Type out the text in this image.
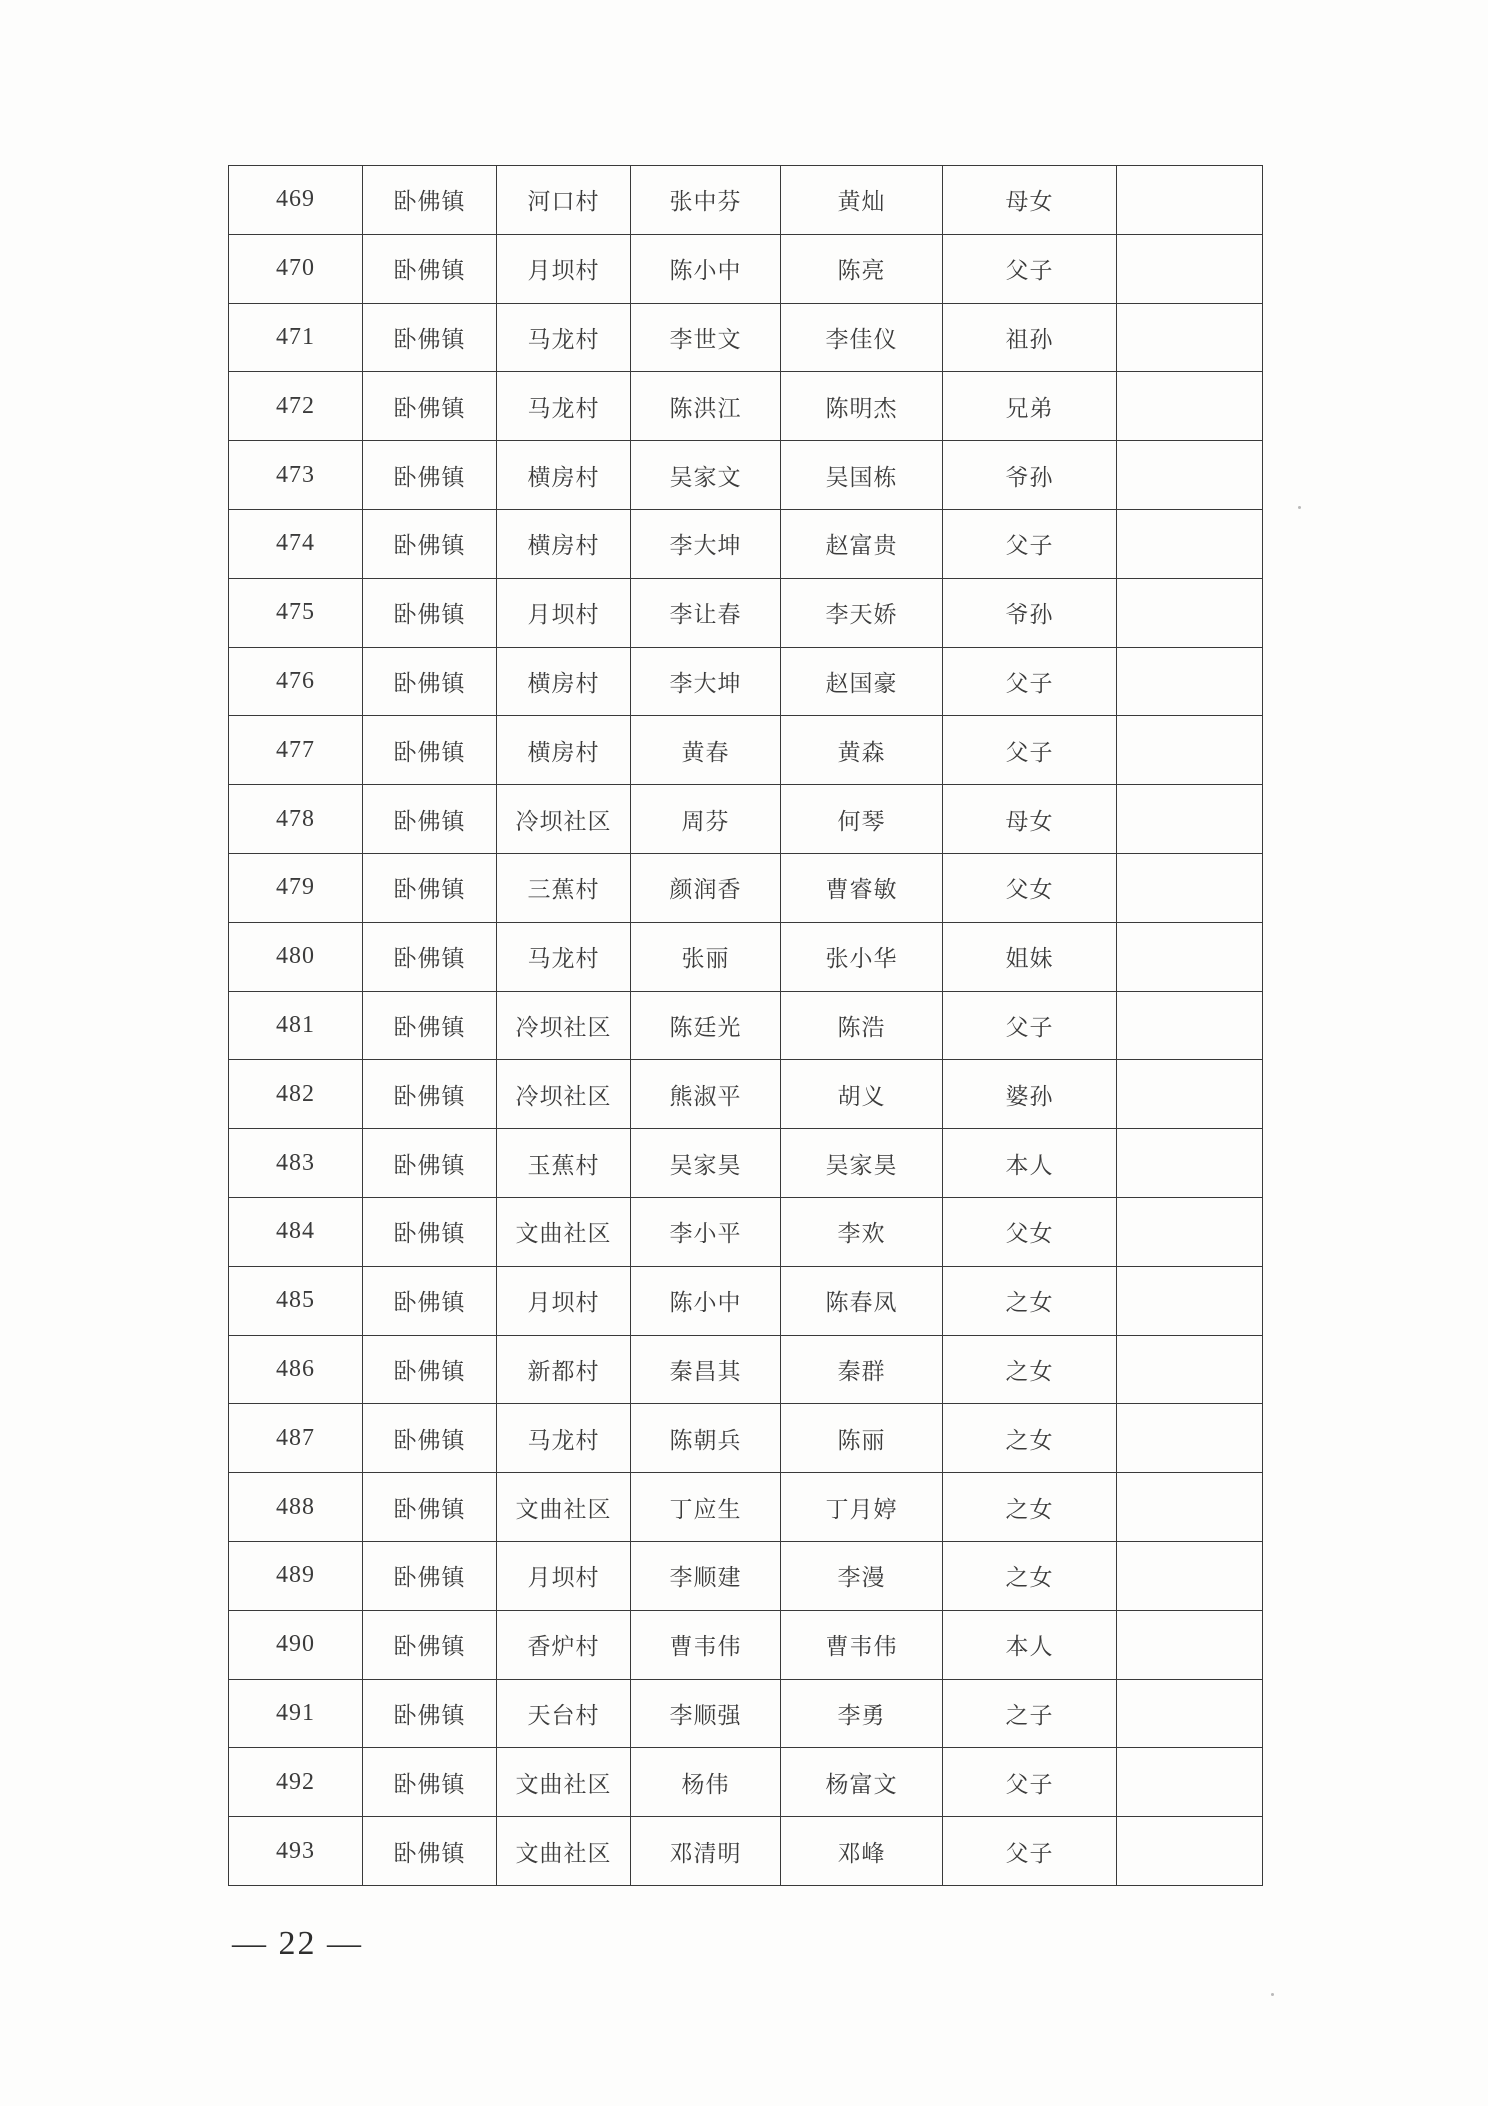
469	卧佛镇	河口村	张中芬	黄灿	母女	
470	卧佛镇	月坝村	陈小中	陈亮	父子	
471	卧佛镇	马龙村	李世文	李佳仪	祖孙	
472	卧佛镇	马龙村	陈洪江	陈明杰	兄弟	
473	卧佛镇	横房村	吴家文	吴国栋	爷孙	
474	卧佛镇	横房村	李大坤	赵富贵	父子	
475	卧佛镇	月坝村	李让春	李天娇	爷孙	
476	卧佛镇	横房村	李大坤	赵国豪	父子	
477	卧佛镇	横房村	黄春	黄森	父子	
478	卧佛镇	冷坝社区	周芬	何琴	母女	
479	卧佛镇	三蕉村	颜润香	曹睿敏	父女	
480	卧佛镇	马龙村	张丽	张小华	姐妹	
481	卧佛镇	冷坝社区	陈廷光	陈浩	父子	
482	卧佛镇	冷坝社区	熊淑平	胡义	婆孙	
483	卧佛镇	玉蕉村	吴家昊	吴家昊	本人	
484	卧佛镇	文曲社区	李小平	李欢	父女	
485	卧佛镇	月坝村	陈小中	陈春凤	之女	
486	卧佛镇	新都村	秦昌其	秦群	之女	
487	卧佛镇	马龙村	陈朝兵	陈丽	之女	
488	卧佛镇	文曲社区	丁应生	丁月婷	之女	
489	卧佛镇	月坝村	李顺建	李漫	之女	
490	卧佛镇	香炉村	曹韦伟	曹韦伟	本人	
491	卧佛镇	天台村	李顺强	李勇	之子	
492	卧佛镇	文曲社区	杨伟	杨富文	父子	
493	卧佛镇	文曲社区	邓清明	邓峰	父子	
— 22 —
